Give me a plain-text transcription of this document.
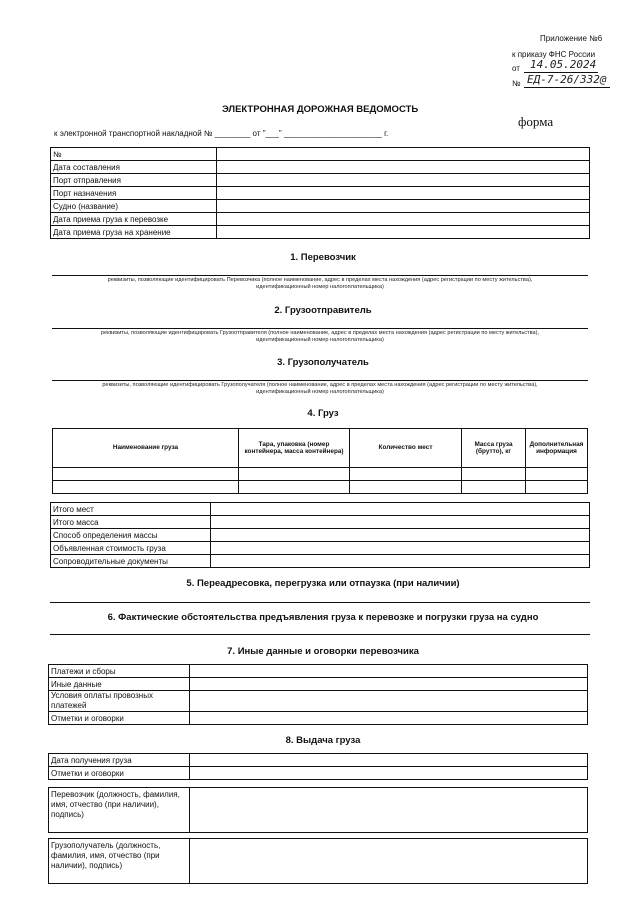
Приложение №6
к приказу ФНС России
от 14.05.2024
№ ЕД-7-26/332@
ЭЛЕКТРОННАЯ ДОРОЖНАЯ ВЕДОМОСТЬ
форма
к электронной транспортной накладной № ________ от "___" ______________________ г.
№	
Дата составления	
Порт отправления	
Порт назначения	
Судно (название)	
Дата приема груза к перевозке	
Дата приема груза на хранение	
1. Перевозчик
реквизиты, позволяющие идентифицировать Перевозчика (полное наименование, адрес в пределах места нахождения (адрес регистрации по месту жительства), идентификационный номер налогоплательщика)
2. Грузоотправитель
реквизиты, позволяющие идентифицировать Грузоотправителя (полное наименование, адрес в пределах места нахождения (адрес регистрации по месту жительства), идентификационный номер налогоплательщика)
3. Грузополучатель
реквизиты, позволяющие идентифицировать Грузополучателя (полное наименование, адрес в пределах места нахождения (адрес регистрации по месту жительства), идентификационный номер налогоплательщика)
4. Груз
Наименование груза	Тара, упаковка (номер контейнера, масса контейнера)	Количество мест	Масса груза (брутто), кг	Дополнительная информация

Итого мест	
Итого масса	
Способ определения массы	
Объявленная стоимость груза	
Сопроводительные документы	
5. Переадресовка, перегрузка или отпаузка (при наличии)
6. Фактические обстоятельства предъявления груза к перевозке и погрузки груза на судно
7. Иные данные и оговорки перевозчика
Платежи и сборы	
Иные данные	
Условия оплаты провозных платежей	
Отметки и оговорки	
8. Выдача груза
Дата получения груза	
Отметки и оговорки	
Перевозчик (должность, фамилия, имя, отчество (при наличии), подпись)	
Грузополучатель (должность, фамилия, имя, отчество (при наличии), подпись)	
